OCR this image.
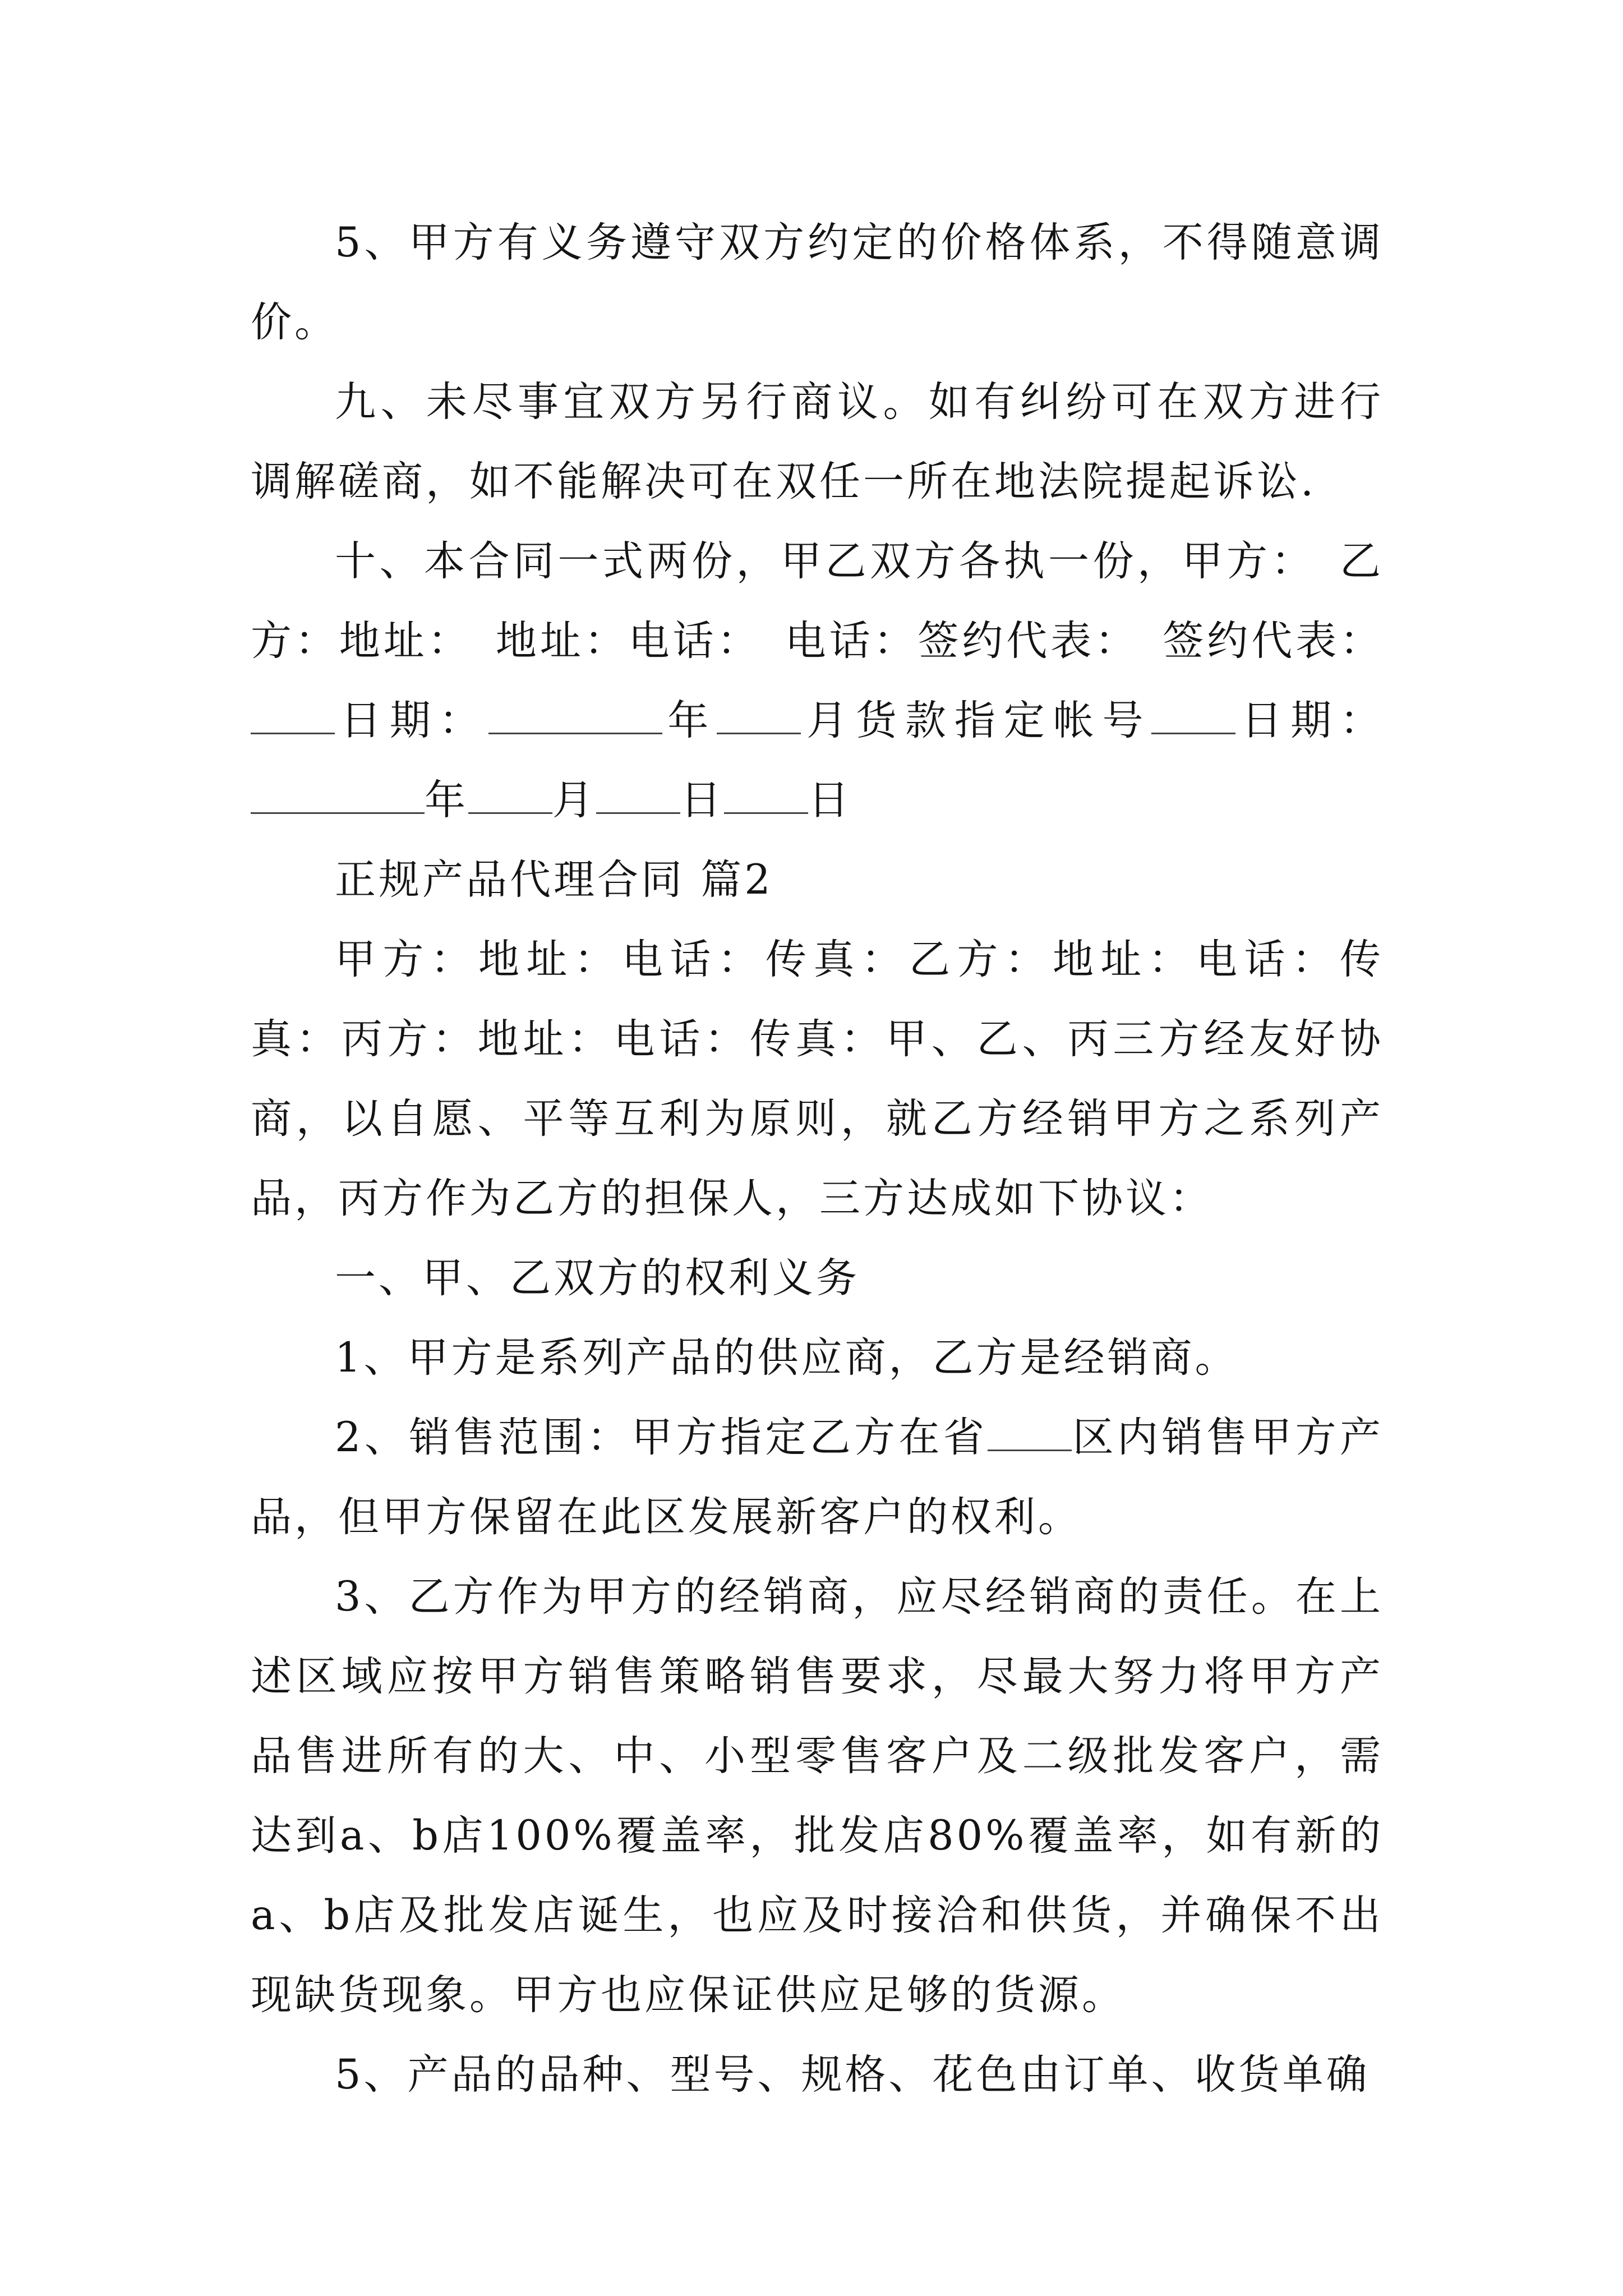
5、甲方有义务遵守双方约定的价格体系，不得随意调价。

九、未尽事宜双方另行商议。如有纠纷可在双方进行调解磋商，如不能解决可在双任一所在地法院提起诉讼.

十、本合同一式两份，甲乙双方各执一份，甲方：　乙方：地址：　地址：电话：　电话：签约代表：　签约代表：日期：	年 月货款指定帐号 日期：年 月 日 日

正规产品代理合同 篇2

甲方：地址：电话：传真：乙方：地址：电话：传真：丙方：地址：电话：传真：甲、乙、丙三方经友好协商，以自愿、平等互利为原则，就乙方经销甲方之系列产品，丙方作为乙方的担保人，三方达成如下协议：

一、甲、乙双方的权利义务

1、甲方是系列产品的供应商，乙方是经销商。

2、销售范围：甲方指定乙方在省 区内销售甲方产品，但甲方保留在此区发展新客户的权利。

3、乙方作为甲方的经销商，应尽经销商的责任。在上述区域应按甲方销售策略销售要求，尽最大努力将甲方产品售进所有的大、中、小型零售客户及二级批发客户，需达到a、b店100%覆盖率，批发店80%覆盖率，如有新的a、b店及批发店诞生，也应及时接洽和供货，并确保不出现缺货现象。甲方也应保证供应足够的货源。

5、产品的品种、型号、规格、花色由订单、收货单确
